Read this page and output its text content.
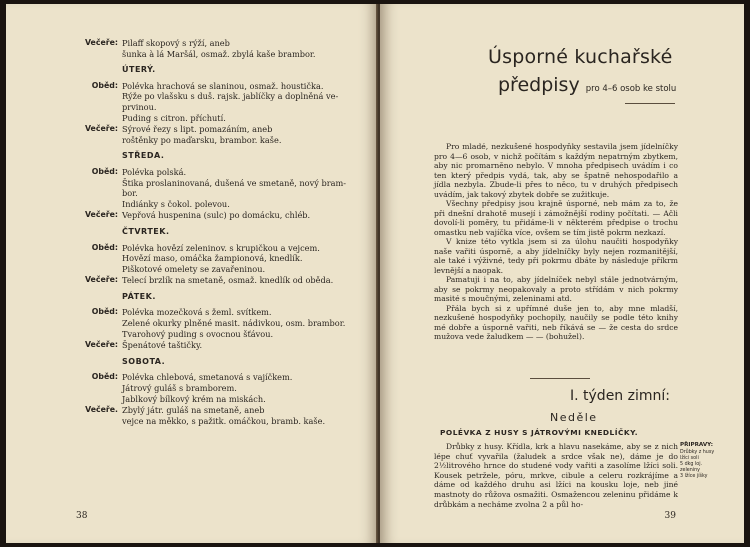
Večeře: Pilaff skopový s rýží, aneb
šunka à lá Maršál, osmaž. zbylá kaše brambor.
ÚTERÝ.
Oběd: Polévka hrachová se slaninou, osmaž. houstička.
Rýže po vlašsku s duš. rajsk. jablíčky a doplněná ve-
prvinou.
Puding s citron. příchutí.
Večeře: Sýrové řezy s lipt. pomazáním, aneb
roštěnky po maďarsku, brambor. kaše.
STŘEDA.
Oběd: Polévka polská.
Štika proslaninovaná, dušená ve smetaně, nový bram-
bor.
Indiánky s čokol. polevou.
Večeře: Vepřová huspenina (sulc) po domácku, chléb.
ČTVRTEK.
Oběd: Polévka hovězí zeleninov. s krupičkou a vejcem.
Hovězí maso, omáčka žampionová, knedlík.
Piškotové omelety se zavařeninou.
Večeře: Telecí brzlík na smetaně, osmaž. knedlík od oběda.
PÁTEK.
Oběd: Polévka mozečková s žeml. svítkem.
Zelené okurky plněné masit. nádivkou, osm. brambor.
Tvarohový puding s ovocnou šťávou.
Večeře: Špenátové taštičky.
SOBOTA.
Oběd: Polévka chlebová, smetanová s vajíčkem.
Játrový guláš s bramborem.
Jablkový bílkový krém na miskách.
Večeře. Zbylý játr. guláš na smetaně, aneb
vejce na měkko, s pažitk. omáčkou, bramb. kaše.
38
Úsporné kuchařské
předpisy pro 4–6 osob ke stolu

Pro mladé, nezkušené hospodyňky sestavila jsem jídelníčky pro 4—6 osob, v nichž počítám s každým nepatrným zbytkem, aby nic promarněno nebylo. V mnoha předpisech uvádím i co ten který předpis vydá, tak, aby se špatně nehospodařilo a jídla nezbyla. Zbude-li přes to něco, tu v druhých předpisech uvádím, jak takový zbytek dobře se zužitkuje.

Všechny předpisy jsou krajně úsporné, neb mám za to, že při dnešní drahotě musejí i zámožnější rodiny počítati. — Ačli dovolí-li poměry, tu přidáme-li v některém předpise o trochu omastku neb vajíčka více, ovšem se tím jistě pokrm nezkazí.

V knize této vytkla jsem si za úlohu naučiti hospodyňky naše vařiti úsporně, a aby jídelníčky byly nejen rozmanitější, ale také i výživné, tedy při pokrmu dbáte by následuje příkrm levnější a naopak.

Pamatuji i na to, aby jídelníček nebyl stále jednotvárným, aby se pokrmy neopakovaly a proto střídám v nich pokrmy masité s moučnými, zeleninami atd.

Přála bych si z upřímné duše jen to, aby mne mladší, nezkušené hospodyňky pochopily, naučily se podle této knihy mé dobře a úsporně vařiti, neb říkává se — že cesta do srdce mužova vede žaludkem — — (bohužel).

I. týden zimní:
Neděle
POLÉVKA Z HUSY S JÁTROVÝMI KNEDLÍČKY.

Drůbky z husy. Křídla, krk a hlavu nasekáme, aby se z nich lépe chuť vyvařila (žaludek a srdce však ne), dáme je do 2½litrového hrnce do studené vody vařiti a zasolíme lžíci soli. Kousek petržele, póru, mrkve, cibule a celeru rozkrájíme a dáme od každého druhu asi lžíci na kousku loje, neb jiné mastnoty do růžova osmažiti. Osmažencou zeleninu přidáme k drůbkám a necháme zvolna 2 a půl ho-

PŘIPRAVY:
Drůbky z husy
lžíci soli
5 dkg loj.
zeleniny
3 lžíce jíšky
39
